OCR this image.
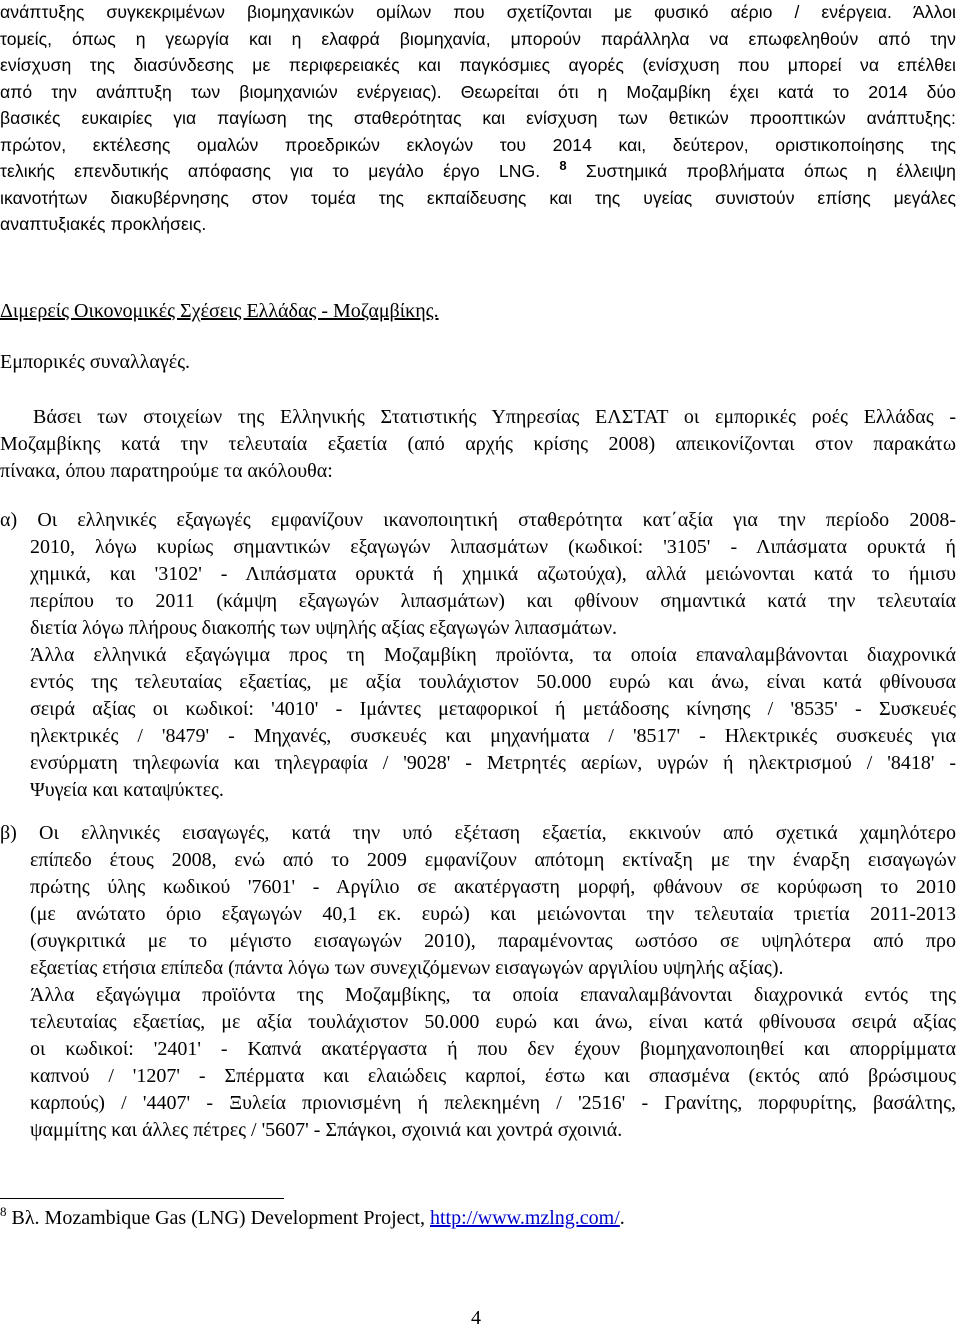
ανάπτυξης συγκεκριμένων βιομηχανικών ομίλων που σχετίζονται με φυσικό αέριο / ενέργεια. Άλλοι
τομείς, όπως η γεωργία και η ελαφρά βιομηχανία, μπορούν παράλληλα να επωφεληθούν από την
ενίσχυση της διασύνδεσης με περιφερειακές και παγκόσμιες αγορές (ενίσχυση που μπορεί να επέλθει
από την ανάπτυξη των βιομηχανιών ενέργειας). Θεωρείται ότι η Μοζαμβίκη έχει κατά το 2014 δύο
βασικές ευκαιρίες για παγίωση της σταθερότητας και ενίσχυση των θετικών προοπτικών ανάπτυξης:
πρώτον, εκτέλεσης ομαλών προεδρικών εκλογών του 2014 και, δεύτερον, οριστικοποίησης της
τελικής επενδυτικής απόφασης για το μεγάλο έργο LNG. $^8$ Συστημικά προβλήματα όπως η έλλειψη
ικανοτήτων διακυβέρνησης στον τομέα της εκπαίδευσης και της υγείας συνιστούν επίσης μεγάλες
αναπτυξιακές προκλήσεις.
Διμερείς Οικονομικές Σχέσεις Ελλάδας - Μοζαμβίκης.
Εμπορικές συναλλαγές.
Βάσει των στοιχείων της Ελληνικής Στατιστικής Υπηρεσίας ΕΛΣΤΑΤ οι εμπορικές ροές Ελλάδας -
Μοζαμβίκης κατά την τελευταία εξαετία (από αρχής κρίσης 2008) απεικονίζονται στον παρακάτω
πίνακα, όπου παρατηρούμε τα ακόλουθα:
α) Οι ελληνικές εξαγωγές εμφανίζουν ικανοποιητική σταθερότητα κατ΄αξία για την περίοδο 2008-
2010, λόγω κυρίως σημαντικών εξαγωγών λιπασμάτων (κωδικοί: '3105' - Λιπάσματα ορυκτά ή
χημικά, και '3102' - Λιπάσματα ορυκτά ή χημικά αζωτούχα), αλλά μειώνονται κατά το ήμισυ
περίπου το 2011 (κάμψη εξαγωγών λιπασμάτων) και φθίνουν σημαντικά κατά την τελευταία
διετία λόγω πλήρους διακοπής των υψηλής αξίας εξαγωγών λιπασμάτων.
Άλλα ελληνικά εξαγώγιμα προς τη Μοζαμβίκη προϊόντα, τα οποία επαναλαμβάνονται διαχρονικά
εντός της τελευταίας εξαετίας, με αξία τουλάχιστον 50.000 ευρώ και άνω, είναι κατά φθίνουσα
σειρά αξίας οι κωδικοί: '4010' - Ιμάντες μεταφορικοί ή μετάδοσης κίνησης / '8535' - Συσκευές
ηλεκτρικές / '8479' - Μηχανές, συσκευές και μηχανήματα / '8517' - Ηλεκτρικές συσκευές για
ενσύρματη τηλεφωνία και τηλεγραφία / '9028' - Μετρητές αερίων, υγρών ή ηλεκτρισμού / '8418' -
Ψυγεία και καταψύκτες.
β) Οι ελληνικές εισαγωγές, κατά την υπό εξέταση εξαετία, εκκινούν από σχετικά χαμηλότερο
επίπεδο έτους 2008, ενώ από το 2009 εμφανίζουν απότομη εκτίναξη με την έναρξη εισαγωγών
πρώτης ύλης κωδικού '7601' - Αργίλιο σε ακατέργαστη μορφή, φθάνουν σε κορύφωση το 2010
(με ανώτατο όριο εξαγωγών 40,1 εκ. ευρώ) και μειώνονται την τελευταία τριετία 2011-2013
(συγκριτικά με το μέγιστο εισαγωγών 2010), παραμένοντας ωστόσο σε υψηλότερα από προ
εξαετίας ετήσια επίπεδα (πάντα λόγω των συνεχιζόμενων εισαγωγών αργιλίου υψηλής αξίας).
Άλλα εξαγώγιμα προϊόντα της Μοζαμβίκης, τα οποία επαναλαμβάνονται διαχρονικά εντός της
τελευταίας εξαετίας, με αξία τουλάχιστον 50.000 ευρώ και άνω, είναι κατά φθίνουσα σειρά αξίας
οι κωδικοί: '2401' - Καπνά ακατέργαστα ή που δεν έχουν βιομηχανοποιηθεί και απορρίμματα
καπνού / '1207' - Σπέρματα και ελαιώδεις καρποί, έστω και σπασμένα (εκτός από βρώσιμους
καρπούς) / '4407' - Ξυλεία πριονισμένη ή πελεκημένη / '2516' - Γρανίτης, πορφυρίτης, βασάλτης,
ψαμμίτης και άλλες πέτρες / '5607' - Σπάγκοι, σχοινιά και χοντρά σχοινιά.
$^8$ Βλ. Mozambique Gas (LNG) Development Project, http://www.mzlng.com/.
4
